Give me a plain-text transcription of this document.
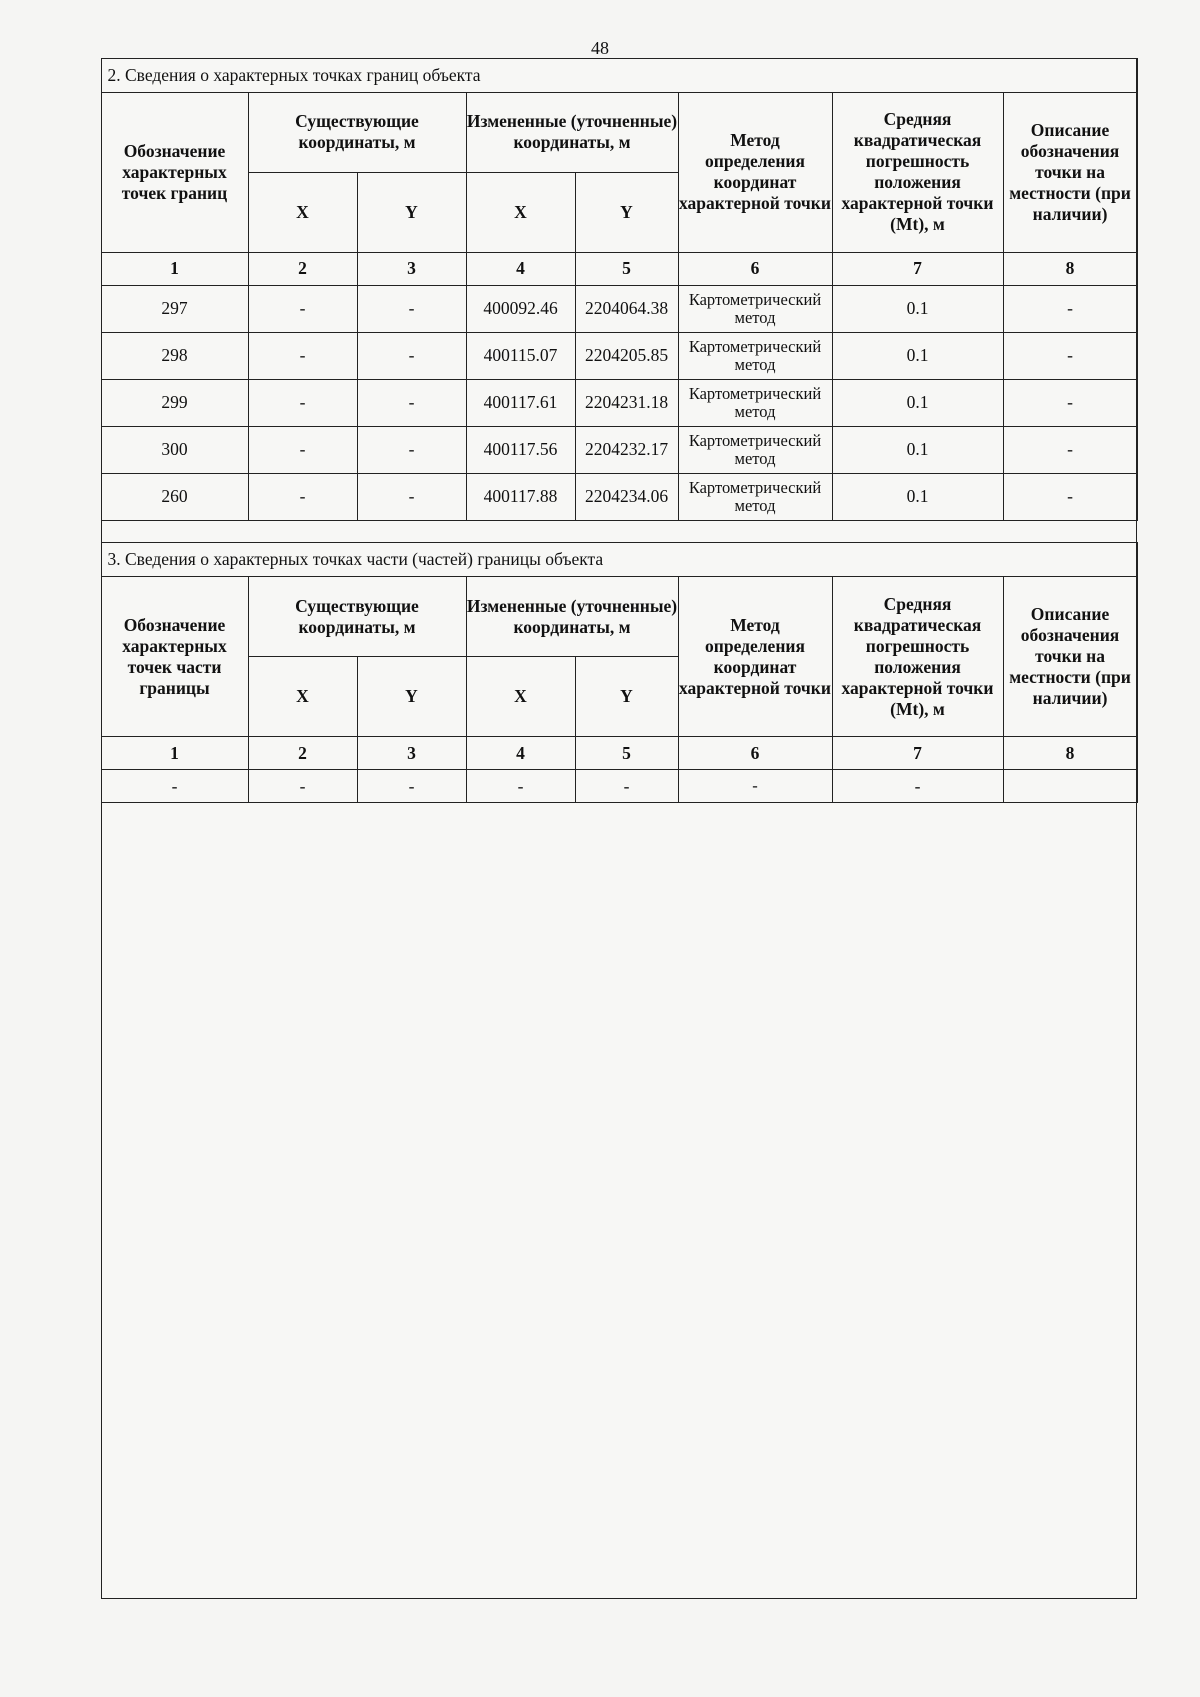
48
2. Сведения о характерных точках границ объекта							
Обозначение характерных точек границ	Существующие координаты, м		Измененные (уточненные) координаты, м		Метод определения координат характерной точки	Средняя квадратическая погрешность положения характерной точки (Mt), м	Описание обозначения точки на местности (при наличии)
	X	Y	X	Y			
1	2	3	4	5	6	7	8
297	-	-	400092.46	2204064.38	Картометрический метод	0.1	-
298	-	-	400115.07	2204205.85	Картометрический метод	0.1	-
299	-	-	400117.61	2204231.18	Картометрический метод	0.1	-
300	-	-	400117.56	2204232.17	Картометрический метод	0.1	-
260	-	-	400117.88	2204234.06	Картометрический метод	0.1	-
3. Сведения о характерных точках части (частей) границы объекта							
Обозначение характерных точек части границы	Существующие координаты, м		Измененные (уточненные) координаты, м		Метод определения координат характерной точки	Средняя квадратическая погрешность положения характерной точки (Mt), м	Описание обозначения точки на местности (при наличии)
	X	Y	X	Y			
1	2	3	4	5	6	7	8
-	-	-	-	-	-	-	
